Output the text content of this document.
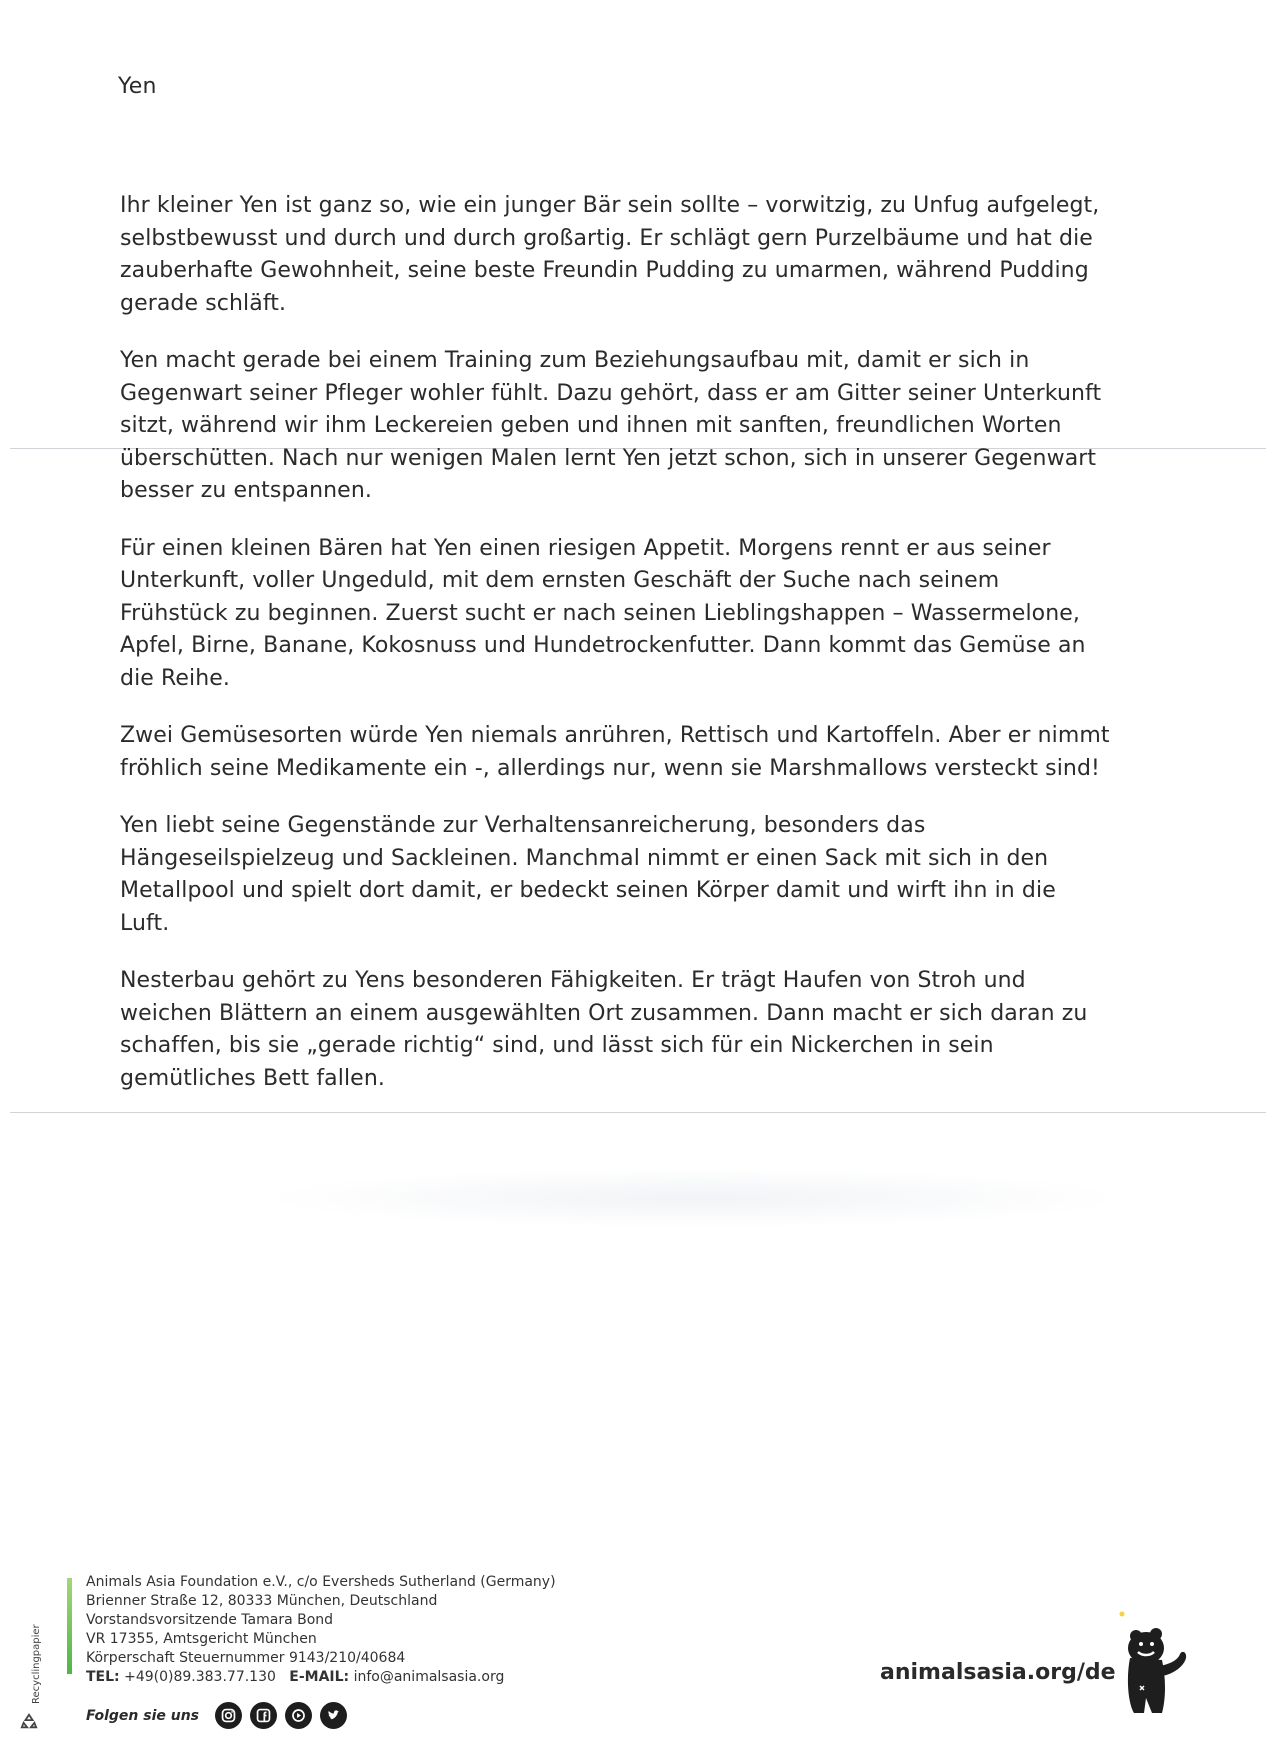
Yen

Ihr kleiner Yen ist ganz so, wie ein junger Bär sein sollte – vorwitzig, zu Unfug aufgelegt, selbstbewusst und durch und durch großartig. Er schlägt gern Purzelbäume und hat die zauberhafte Gewohnheit, seine beste Freundin Pudding zu umarmen, während Pudding gerade schläft.

Yen macht gerade bei einem Training zum Beziehungsaufbau mit, damit er sich in Gegenwart seiner Pfleger wohler fühlt. Dazu gehört, dass er am Gitter seiner Unterkunft sitzt, während wir ihm Leckereien geben und ihnen mit sanften, freundlichen Worten überschütten. Nach nur wenigen Malen lernt Yen jetzt schon, sich in unserer Gegenwart besser zu entspannen.

Für einen kleinen Bären hat Yen einen riesigen Appetit. Morgens rennt er aus seiner Unterkunft, voller Ungeduld, mit dem ernsten Geschäft der Suche nach seinem Frühstück zu beginnen. Zuerst sucht er nach seinen Lieblingshappen – Wassermelone, Apfel, Birne, Banane, Kokosnuss und Hundetrockenfutter. Dann kommt das Gemüse an die Reihe.

Zwei Gemüsesorten würde Yen niemals anrühren, Rettisch und Kartoffeln. Aber er nimmt fröhlich seine Medikamente ein -, allerdings nur, wenn sie Marshmallows versteckt sind!

Yen liebt seine Gegenstände zur Verhaltensanreicherung, besonders das Hängeseilspielzeug und Sackleinen. Manchmal nimmt er einen Sack mit sich in den Metallpool und spielt dort damit, er bedeckt seinen Körper damit und wirft ihn in die Luft.

Nesterbau gehört zu Yens besonderen Fähigkeiten. Er trägt Haufen von Stroh und weichen Blättern an einem ausgewählten Ort zusammen. Dann macht er sich daran zu schaffen, bis sie „gerade richtig“ sind, und lässt sich für ein Nickerchen in sein gemütliches Bett fallen.

Recyclingpapier
Animals Asia Foundation e.V., c/o Eversheds Sutherland (Germany)
Brienner Straße 12, 80333 München, Deutschland
Vorstandsvorsitzende Tamara Bond
VR 17355, Amtsgericht München
Körperschaft Steuernummer 9143/210/40684
TEL: +49(0)89.383.77.130 E-MAIL: info@animalsasia.org
Folgen sie uns
animalsasia.org/de
